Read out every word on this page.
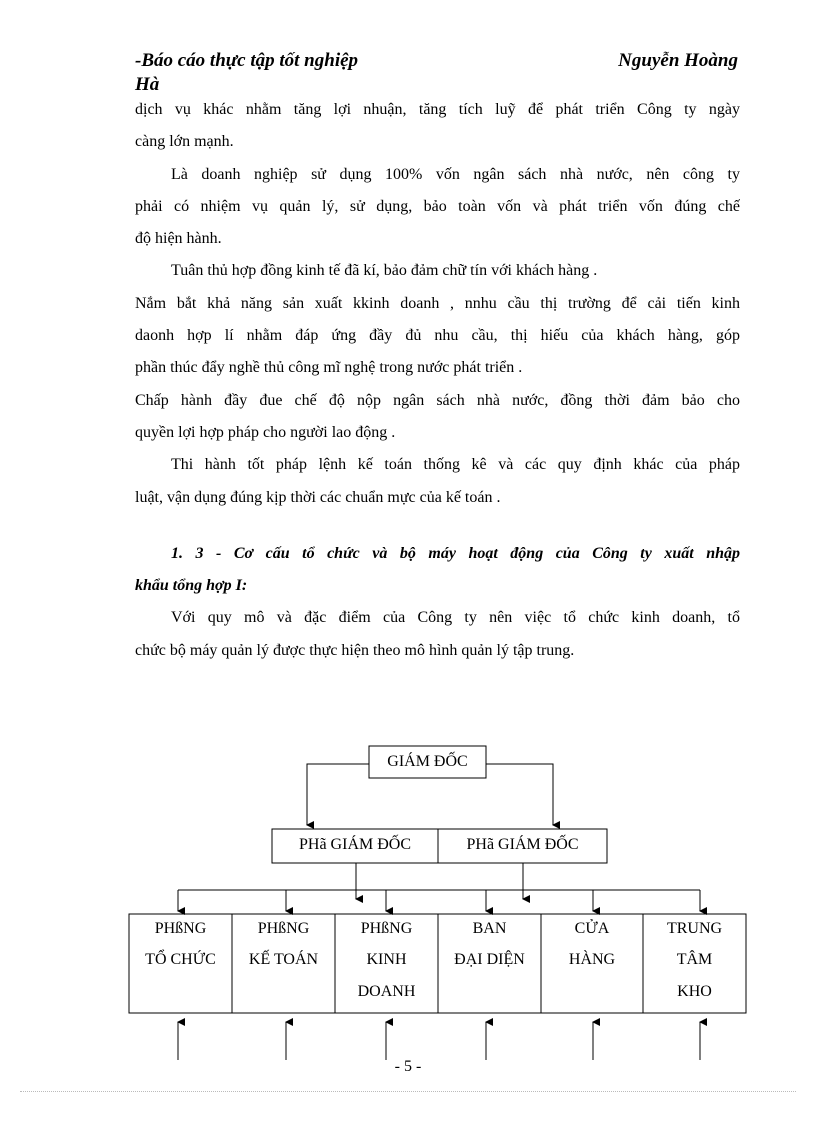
-Báo cáo thực tập tốt nghiệp	Nguyễn Hoàng
Hà
dịch vụ khác nhằm tăng lợi nhuận, tăng tích luỹ để phát triển Công ty ngày
càng lớn mạnh.
Là doanh nghiệp sử dụng 100% vốn ngân sách nhà nước, nên công ty
phải có nhiệm vụ quản lý, sử dụng, bảo toàn vốn và phát triển vốn đúng chế
độ hiện hành.
Tuân thủ hợp đồng kinh tế đã kí, bảo đảm chữ tín với khách hàng .
Nắm bắt khả năng sản xuất kkinh doanh , nnhu cầu thị trường để cải tiến kinh
daonh hợp lí nhằm đáp ứng đầy đủ nhu cầu, thị hiếu của khách hàng, góp
phần thúc đẩy nghề thủ công mĩ nghệ trong nước phát triển .
Chấp hành đầy đue chế độ nộp ngân sách nhà nước, đồng thời đảm bảo cho
quyền lợi hợp pháp cho người lao động .
Thi hành tốt pháp lệnh kế toán thống kê và các quy định khác của pháp
luật, vận dụng đúng kịp thời các chuẩn mực của kế toán .
1. 3 - Cơ cấu tổ chức và bộ máy hoạt động của Công ty xuất nhập
khẩu tổng hợp I:
Với quy mô và đặc điểm của Công ty nên việc tổ chức kinh doanh, tổ
chức bộ máy quản lý được thực hiện theo mô hình quản lý tập trung.
GIÁM ĐỐC
PHã GIÁM ĐỐC	PHã GIÁM ĐỐC
PHßNG
TỔ CHỨC
PHßNG
KẾ TOÁN
PHßNG
KINH
DOANH
BAN
ĐẠI DIỆN
CỬA
HÀNG
TRUNG
TÂM
KHO
- 5 -
